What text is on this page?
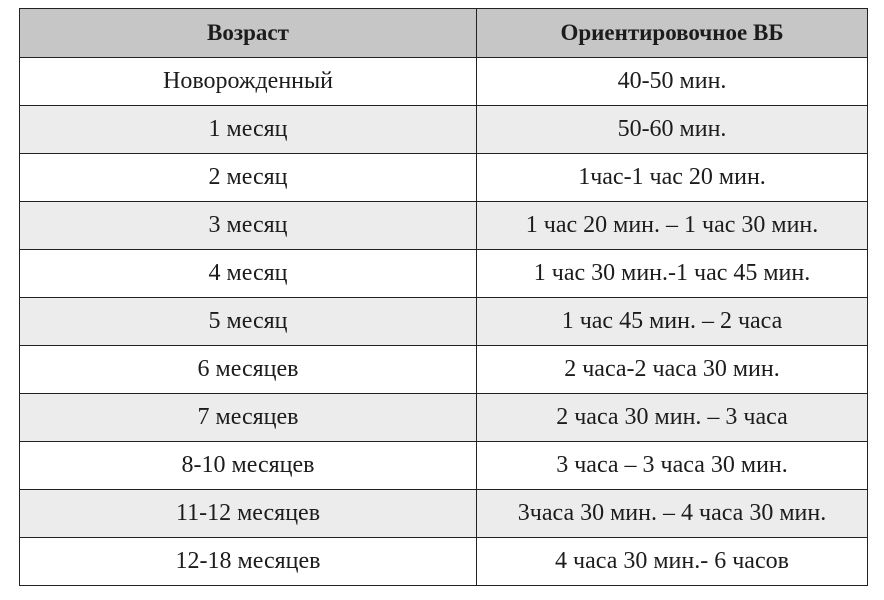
Возраст	Ориентировочное ВБ
Новорожденный	40-50 мин.
1 месяц	50-60 мин.
2 месяц	1час-1 час 20 мин.
3 месяц	1 час 20 мин. – 1 час 30 мин.
4 месяц	1 час 30 мин.-1 час 45 мин.
5 месяц	1 час 45 мин. – 2 часа
6 месяцев	2 часа-2 часа 30 мин.
7 месяцев	2 часа 30 мин. – 3 часа
8-10 месяцев	3 часа – 3 часа 30 мин.
11-12 месяцев	3часа 30 мин. – 4 часа 30 мин.
12-18 месяцев	4 часа 30 мин.- 6 часов
